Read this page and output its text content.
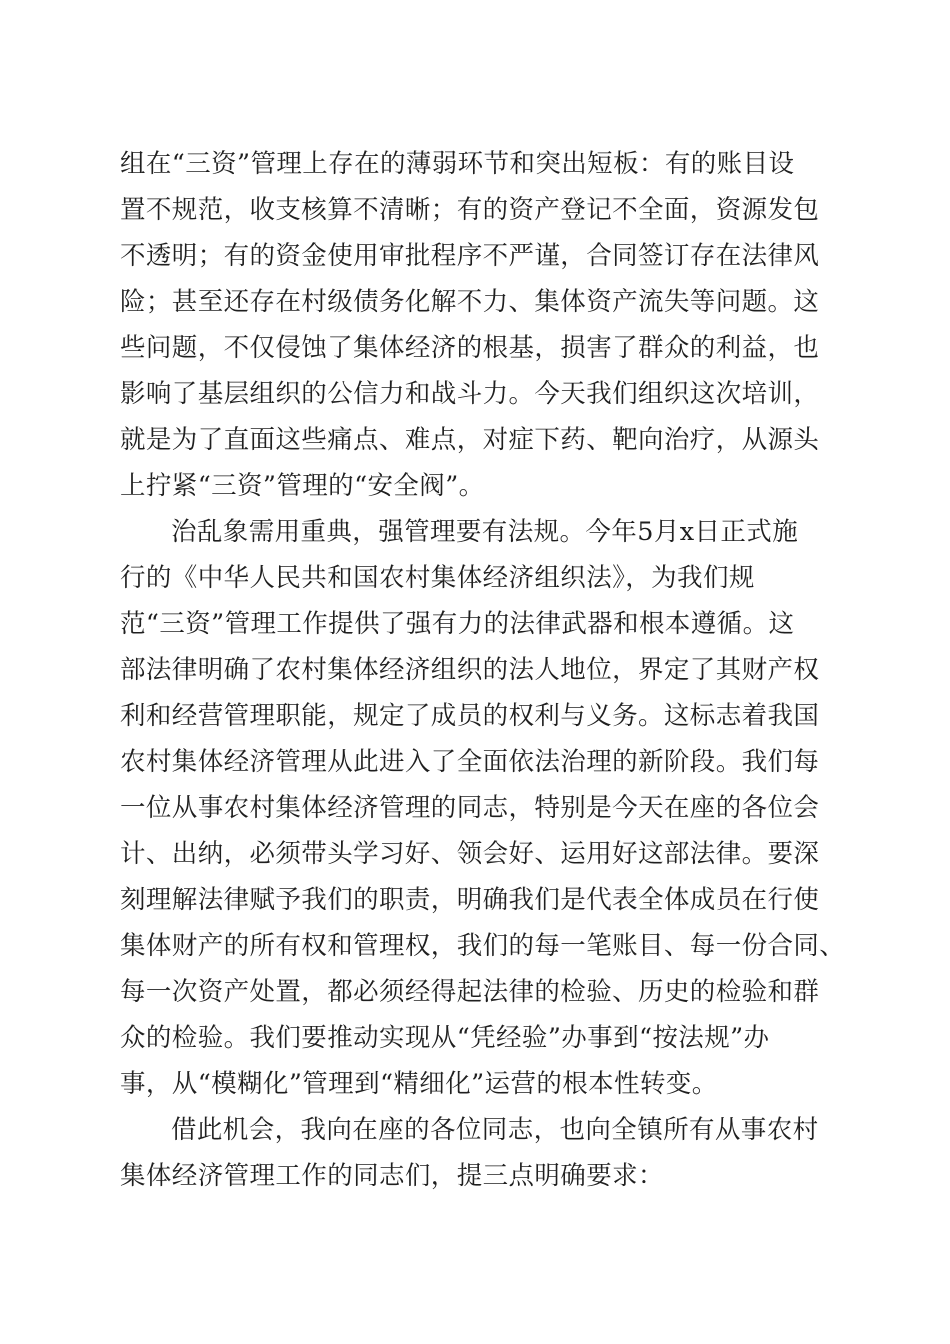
组在“三资”管理上存在的薄弱环节和突出短板：有的账目设
置不规范，收支核算不清晰；有的资产登记不全面，资源发包
不透明；有的资金使用审批程序不严谨，合同签订存在法律风
险；甚至还存在村级债务化解不力、集体资产流失等问题。这
些问题，不仅侵蚀了集体经济的根基，损害了群众的利益，也
影响了基层组织的公信力和战斗力。今天我们组织这次培训，
就是为了直面这些痛点、难点，对症下药、靶向治疗，从源头
上拧紧“三资”管理的“安全阀”。
治乱象需用重典，强管理要有法规。今年5月x日正式施
行的《中华人民共和国农村集体经济组织法》，为我们规
范“三资”管理工作提供了强有力的法律武器和根本遵循。这
部法律明确了农村集体经济组织的法人地位，界定了其财产权
利和经营管理职能，规定了成员的权利与义务。这标志着我国
农村集体经济管理从此进入了全面依法治理的新阶段。我们每
一位从事农村集体经济管理的同志，特别是今天在座的各位会
计、出纳，必须带头学习好、领会好、运用好这部法律。要深
刻理解法律赋予我们的职责，明确我们是代表全体成员在行使
集体财产的所有权和管理权，我们的每一笔账目、每一份合同、
每一次资产处置，都必须经得起法律的检验、历史的检验和群
众的检验。我们要推动实现从“凭经验”办事到“按法规”办
事，从“模糊化”管理到“精细化”运营的根本性转变。
借此机会，我向在座的各位同志，也向全镇所有从事农村
集体经济管理工作的同志们，提三点明确要求：
